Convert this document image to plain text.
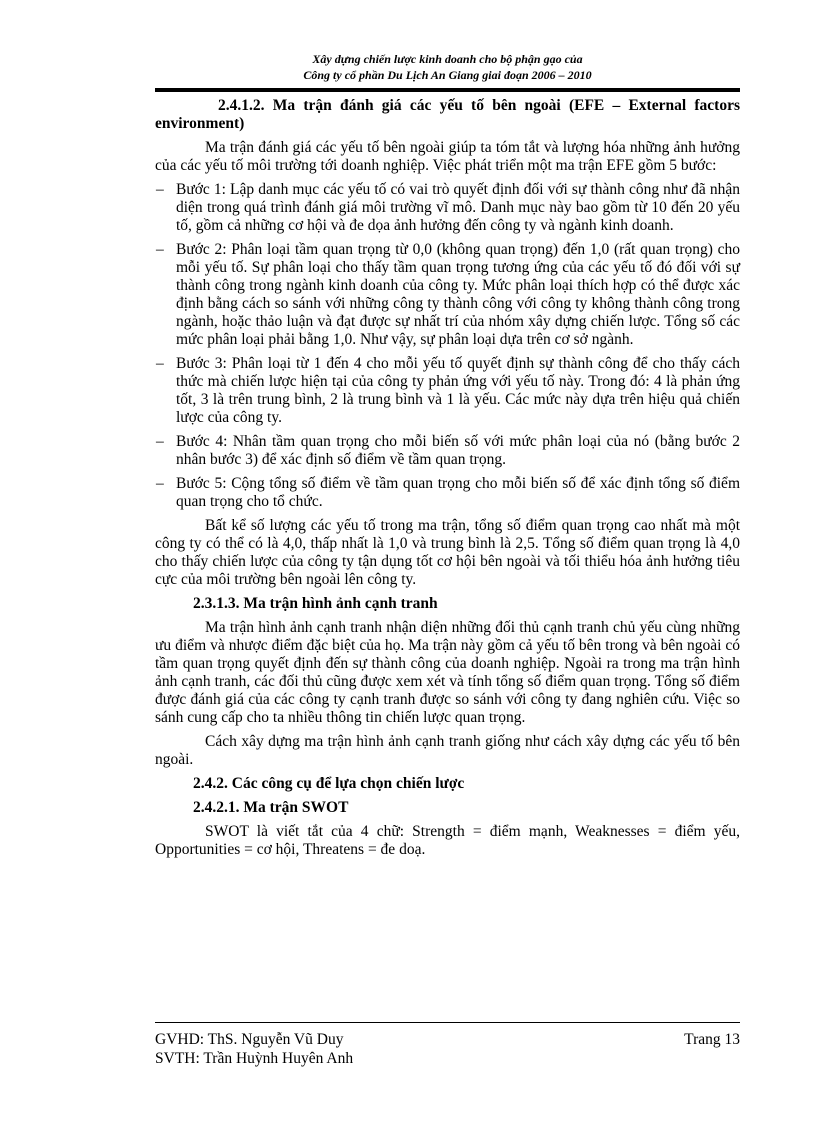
Xây dựng chiến lược kinh doanh cho bộ phận gạo của
Công ty cổ phần Du Lịch An Giang giai đoạn 2006 – 2010

2.4.1.2. Ma trận đánh giá các yếu tố bên ngoài (EFE – External factors environment)

Ma trận đánh giá các yếu tố bên ngoài giúp ta tóm tắt và lượng hóa những ảnh hưởng của các yếu tố môi trường tới doanh nghiệp. Việc phát triển một ma trận EFE gồm 5 bước:

– Bước 1: Lập danh mục các yếu tố có vai trò quyết định đối với sự thành công như đã nhận diện trong quá trình đánh giá môi trường vĩ mô. Danh mục này bao gồm từ 10 đến 20 yếu tố, gồm cả những cơ hội và đe dọa ảnh hưởng đến công ty và ngành kinh doanh.
– Bước 2: Phân loại tầm quan trọng từ 0,0 (không quan trọng) đến 1,0 (rất quan trọng) cho mỗi yếu tố. Sự phân loại cho thấy tầm quan trọng tương ứng của các yếu tố đó đối với sự thành công trong ngành kinh doanh của công ty. Mức phân loại thích hợp có thể được xác định bằng cách so sánh với những công ty thành công với công ty không thành công trong ngành, hoặc thảo luận và đạt được sự nhất trí của nhóm xây dựng chiến lược. Tổng số các mức phân loại phải bằng 1,0. Như vậy, sự phân loại dựa trên cơ sở ngành.
– Bước 3: Phân loại từ 1 đến 4 cho mỗi yếu tố quyết định sự thành công để cho thấy cách thức mà chiến lược hiện tại của công ty phản ứng với yếu tố này. Trong đó: 4 là phản ứng tốt, 3 là trên trung bình, 2 là trung bình và 1 là yếu. Các mức này dựa trên hiệu quả chiến lược của công ty.
– Bước 4: Nhân tầm quan trọng cho mỗi biến số với mức phân loại của nó (bằng bước 2 nhân bước 3) để xác định số điểm về tầm quan trọng.
– Bước 5: Cộng tổng số điểm về tầm quan trọng cho mỗi biến số để xác định tổng số điểm quan trọng cho tổ chức.

Bất kể số lượng các yếu tố trong ma trận, tổng số điểm quan trọng cao nhất mà một công ty có thể có là 4,0, thấp nhất là 1,0 và trung bình là 2,5. Tổng số điểm quan trọng là 4,0 cho thấy chiến lược của công ty tận dụng tốt cơ hội bên ngoài và tối thiểu hóa ảnh hưởng tiêu cực của môi trường bên ngoài lên công ty.

2.3.1.3. Ma trận hình ảnh cạnh tranh

Ma trận hình ảnh cạnh tranh nhận diện những đối thủ cạnh tranh chủ yếu cùng những ưu điểm và nhược điểm đặc biệt của họ. Ma trận này gồm cả yếu tố bên trong và bên ngoài có tầm quan trọng quyết định đến sự thành công của doanh nghiệp. Ngoài ra trong ma trận hình ảnh cạnh tranh, các đối thủ cũng được xem xét và tính tổng số điểm quan trọng. Tổng số điểm được đánh giá của các công ty cạnh tranh được so sánh với công ty đang nghiên cứu. Việc so sánh cung cấp cho ta nhiều thông tin chiến lược quan trọng.

Cách xây dựng ma trận hình ảnh cạnh tranh giống như cách xây dựng các yếu tố bên ngoài.

2.4.2. Các công cụ để lựa chọn chiến lược

2.4.2.1. Ma trận SWOT

SWOT là viết tắt của 4 chữ: Strength = điểm mạnh, Weaknesses = điểm yếu, Opportunities = cơ hội, Threatens = đe doạ.

GVHD: ThS. Nguyễn Vũ Duy
SVTH: Trần Huỳnh Huyên Anh
Trang 13
